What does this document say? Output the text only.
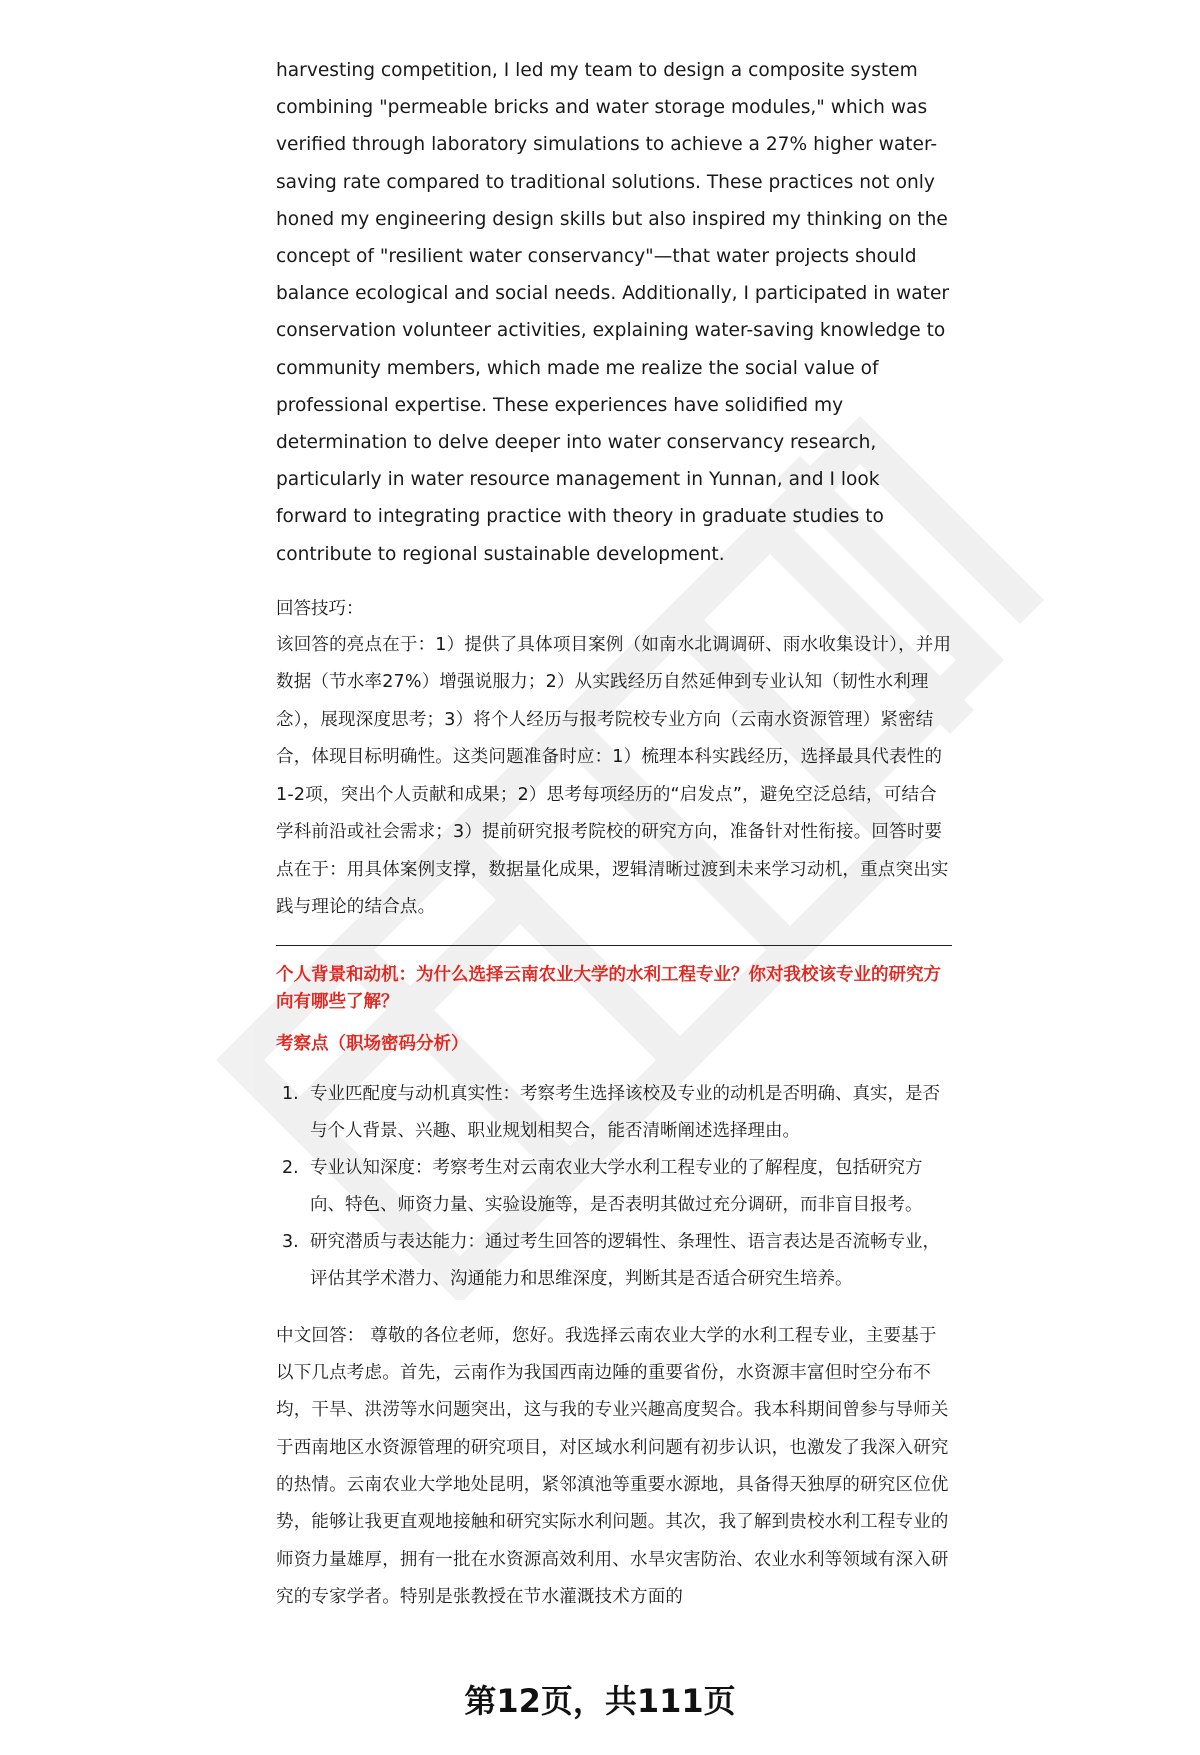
harvesting competition, I led my team to design a composite system combining "permeable bricks and water storage modules," which was verified through laboratory simulations to achieve a 27% higher water-saving rate compared to traditional solutions. These practices not only honed my engineering design skills but also inspired my thinking on the concept of "resilient water conservancy"—that water projects should balance ecological and social needs. Additionally, I participated in water conservation volunteer activities, explaining water-saving knowledge to community members, which made me realize the social value of professional expertise. These experiences have solidified my determination to delve deeper into water conservancy research, particularly in water resource management in Yunnan, and I look forward to integrating practice with theory in graduate studies to contribute to regional sustainable development.

回答技巧：

该回答的亮点在于：1）提供了具体项目案例（如南水北调调研、雨水收集设计），并用数据（节水率27%）增强说服力；2）从实践经历自然延伸到专业认知（韧性水利理念），展现深度思考；3）将个人经历与报考院校专业方向（云南水资源管理）紧密结合，体现目标明确性。这类问题准备时应：1）梳理本科实践经历，选择最具代表性的1-2项，突出个人贡献和成果；2）思考每项经历的“启发点”，避免空泛总结，可结合学科前沿或社会需求；3）提前研究报考院校的研究方向，准备针对性衔接。回答时要点在于：用具体案例支撑，数据量化成果，逻辑清晰过渡到未来学习动机，重点突出实践与理论的结合点。

个人背景和动机：为什么选择云南农业大学的水利工程专业？你对我校该专业的研究方向有哪些了解？
考察点（职场密码分析）
1. 专业匹配度与动机真实性：考察考生选择该校及专业的动机是否明确、真实，是否与个人背景、兴趣、职业规划相契合，能否清晰阐述选择理由。
2. 专业认知深度：考察考生对云南农业大学水利工程专业的了解程度，包括研究方向、特色、师资力量、实验设施等，是否表明其做过充分调研，而非盲目报考。
3. 研究潜质与表达能力：通过考生回答的逻辑性、条理性、语言表达是否流畅专业，评估其学术潜力、沟通能力和思维深度，判断其是否适合研究生培养。

中文回答： 尊敬的各位老师，您好。我选择云南农业大学的水利工程专业，主要基于以下几点考虑。首先，云南作为我国西南边陲的重要省份，水资源丰富但时空分布不均，干旱、洪涝等水问题突出，这与我的专业兴趣高度契合。我本科期间曾参与导师关于西南地区水资源管理的研究项目，对区域水利问题有初步认识，也激发了我深入研究的热情。云南农业大学地处昆明，紧邻滇池等重要水源地，具备得天独厚的研究区位优势，能够让我更直观地接触和研究实际水利问题。其次，我了解到贵校水利工程专业的师资力量雄厚，拥有一批在水资源高效利用、水旱灾害防治、农业水利等领域有深入研究的专家学者。特别是张教授在节水灌溉技术方面的

第12页，共111页
